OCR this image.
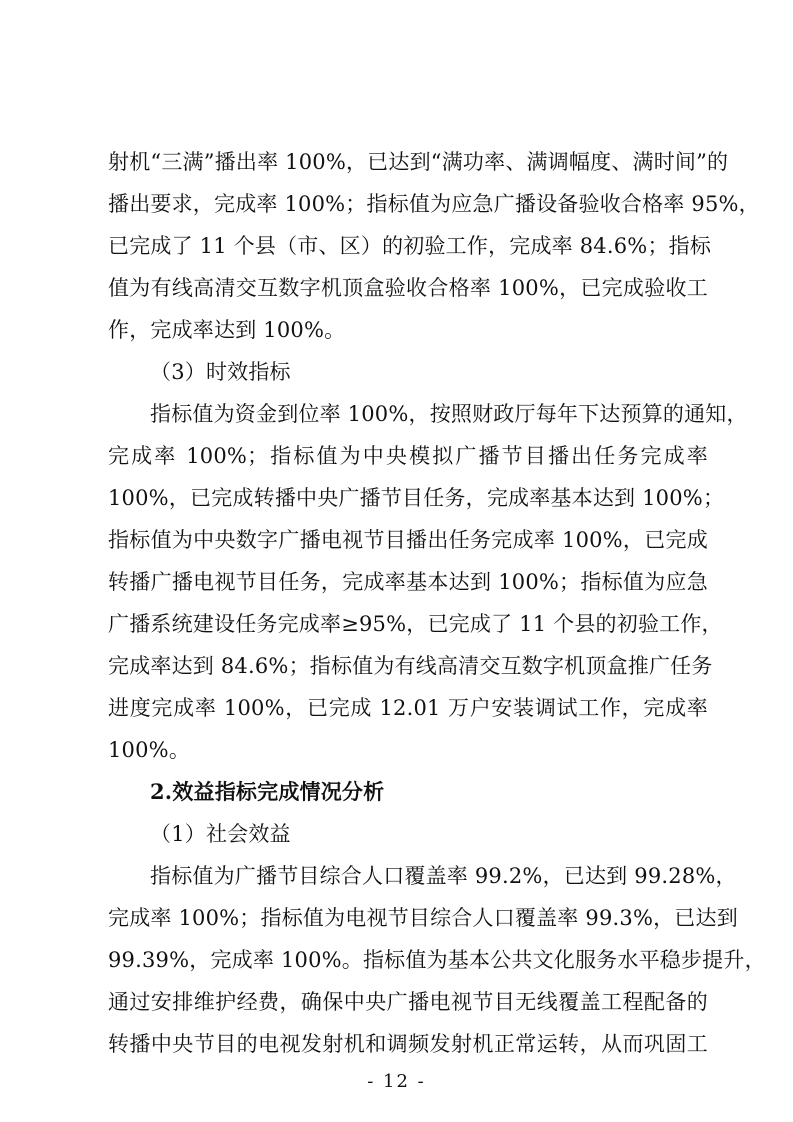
射机“三满”播出率 100%，已达到“满功率、满调幅度、满时间”的
播出要求，完成率 100%；指标值为应急广播设备验收合格率 95%，
已完成了 11 个县（市、区）的初验工作，完成率 84.6%；指标
值为有线高清交互数字机顶盒验收合格率 100%，已完成验收工
作，完成率达到 100%。
（3）时效指标
指标值为资金到位率 100%，按照财政厅每年下达预算的通知，
完成率 100%；指标值为中央模拟广播节目播出任务完成率
100%，已完成转播中央广播节目任务，完成率基本达到 100%；
指标值为中央数字广播电视节目播出任务完成率 100%，已完成
转播广播电视节目任务，完成率基本达到 100%；指标值为应急
广播系统建设任务完成率≥95%，已完成了 11 个县的初验工作，
完成率达到 84.6%；指标值为有线高清交互数字机顶盒推广任务
进度完成率 100%，已完成 12.01 万户安装调试工作，完成率
100%。
2.效益指标完成情况分析
（1）社会效益
指标值为广播节目综合人口覆盖率 99.2%，已达到 99.28%，
完成率 100%；指标值为电视节目综合人口覆盖率 99.3%，已达到
99.39%，完成率 100%。指标值为基本公共文化服务水平稳步提升，
通过安排维护经费，确保中央广播电视节目无线覆盖工程配备的
转播中央节目的电视发射机和调频发射机正常运转，从而巩固工
- 12 -
